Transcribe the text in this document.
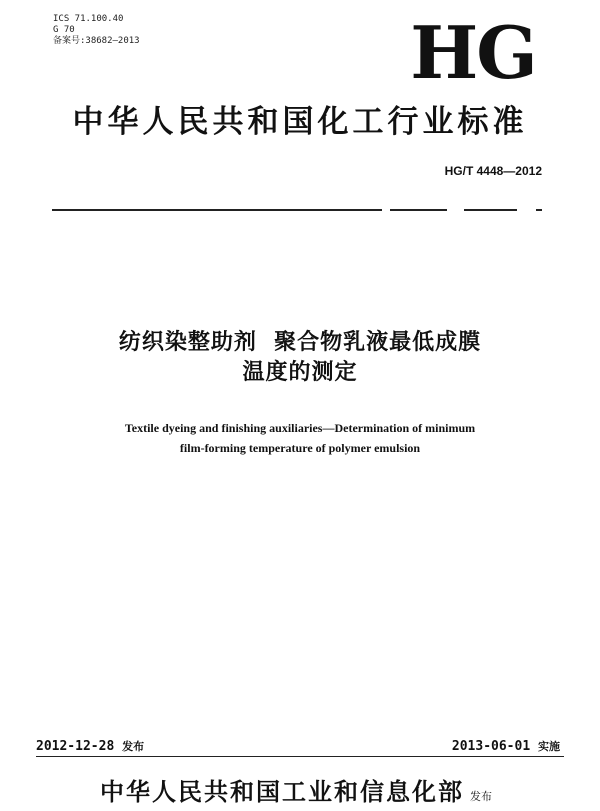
ICS 71.100.40
G 70
备案号:38682—2013	HG
中华人民共和国化工行业标准
HG/T 4448—2012
纺织染整助剂  聚合物乳液最低成膜
温度的测定
Textile dyeing and finishing auxiliaries—Determination of minimum
film-forming temperature of polymer emulsion
2012-12-28 发布	2013-06-01 实施
中华人民共和国工业和信息化部 发布
